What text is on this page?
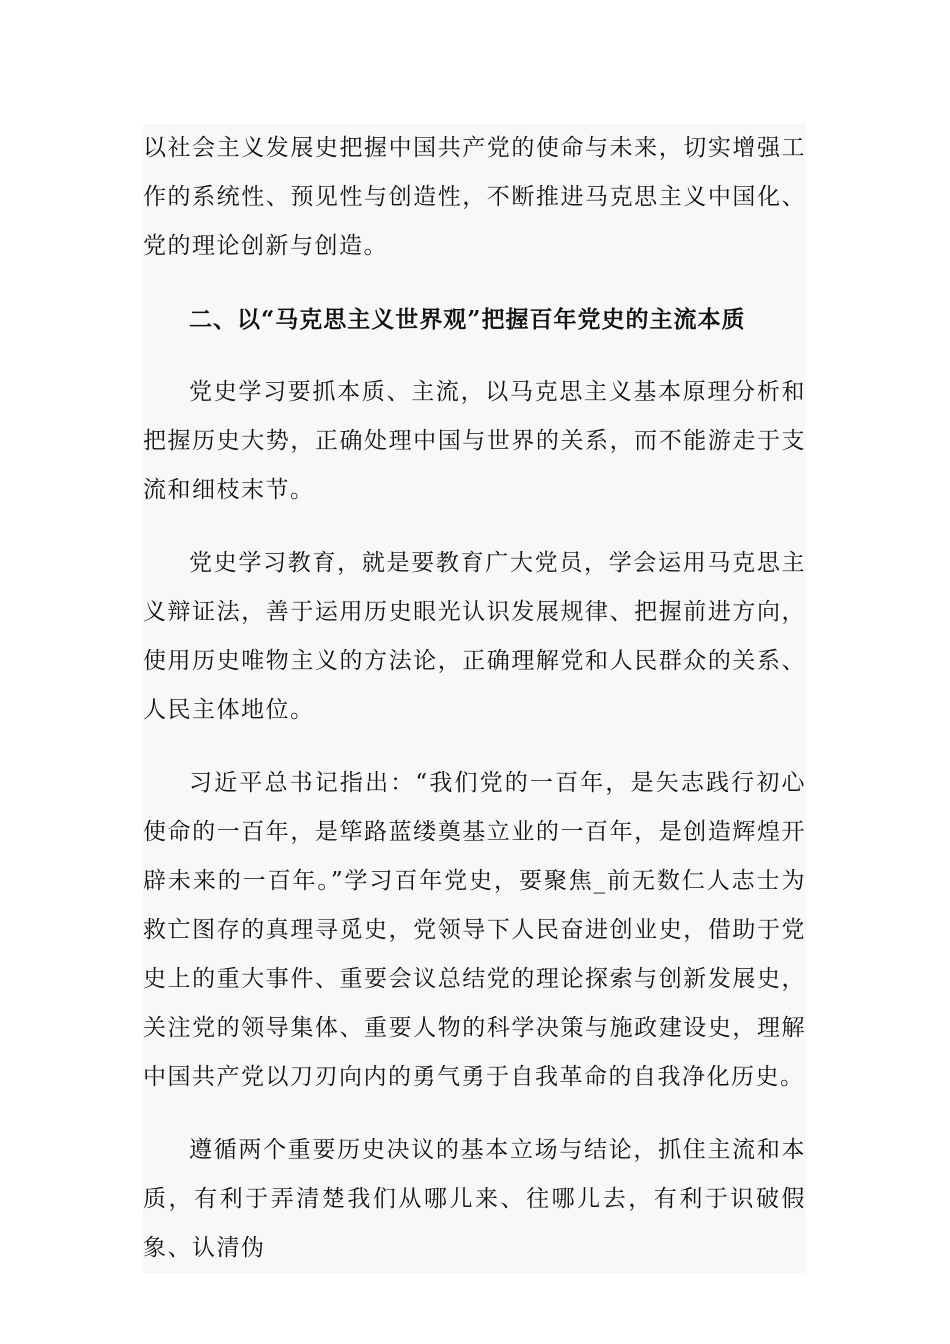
以社会主义发展史把握中国共产党的使命与未来，切实增强工作的系统性、预见性与创造性，不断推进马克思主义中国化、党的理论创新与创造。

二、以“马克思主义世界观”把握百年党史的主流本质

党史学习要抓本质、主流，以马克思主义基本原理分析和把握历史大势，正确处理中国与世界的关系，而不能游走于支流和细枝末节。

党史学习教育，就是要教育广大党员，学会运用马克思主义辩证法，善于运用历史眼光认识发展规律、把握前进方向，使用历史唯物主义的方法论，正确理解党和人民群众的关系、人民主体地位。

习近平总书记指出：“我们党的一百年，是矢志践行初心使命的一百年，是筚路蓝缕奠基立业的一百年，是创造辉煌开辟未来的一百年。”学习百年党史，要聚焦_前无数仁人志士为救亡图存的真理寻觅史，党领导下人民奋进创业史，借助于党史上的重大事件、重要会议总结党的理论探索与创新发展史，关注党的领导集体、重要人物的科学决策与施政建设史，理解中国共产党以刀刃向内的勇气勇于自我革命的自我净化历史。

遵循两个重要历史决议的基本立场与结论，抓住主流和本质，有利于弄清楚我们从哪儿来、往哪儿去，有利于识破假象、认清伪
